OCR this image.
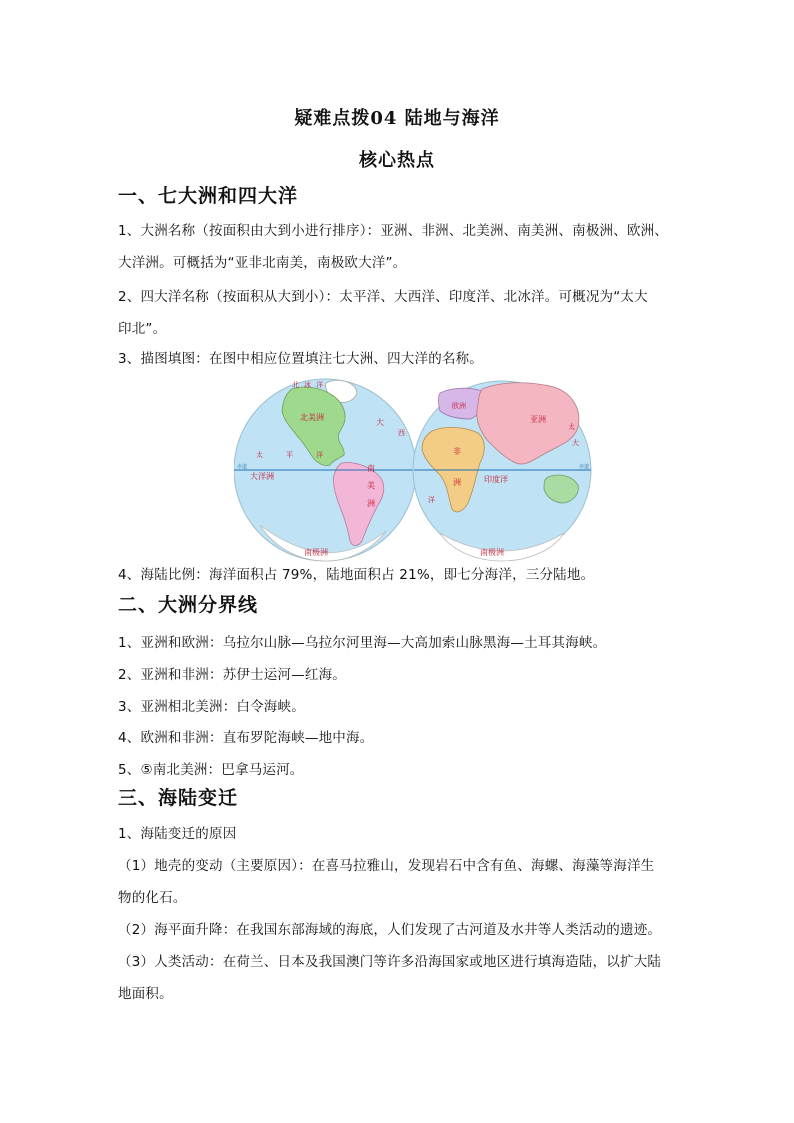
疑难点拨04 陆地与海洋
核心热点
一、七大洲和四大洋
1、大洲名称（按面积由大到小进行排序）：亚洲、非洲、北美洲、南美洲、南极洲、欧洲、
大洋洲。可概括为“亚非北南美，南极欧大洋”。
2、四大洋名称（按面积从大到小）：太平洋、大西洋、印度洋、北冰洋。可概况为“太大
印北”。
3、描图填图：在图中相应位置填注七大洲、四大洋的名称。
北 冰 洋
北美洲
太	平	洋
大
西
赤道
大洋洲
南
美
洲
南极洲
欧洲
亚洲
非
洲	印度洋
洋
太
大
赤道
南极洲
4、海陆比例：海洋面积占 79%，陆地面积占 21%，即七分海洋，三分陆地。
二、大洲分界线
1、亚洲和欧洲：乌拉尔山脉—乌拉尔河里海—大高加索山脉黑海—土耳其海峡。
2、亚洲和非洲：苏伊士运河—红海。
3、亚洲相北美洲：白令海峡。
4、欧洲和非洲：直布罗陀海峡—地中海。
5、⑤南北美洲：巴拿马运河。
三、海陆变迁
1、海陆变迁的原因
（1）地壳的变动（主要原因）：在喜马拉雅山，发现岩石中含有鱼、海螺、海藻等海洋生
物的化石。
（2）海平面升降：在我国东部海域的海底，人们发现了古河道及水井等人类活动的遗迹。
（3）人类活动：在荷兰、日本及我国澳门等许多沿海国家或地区进行填海造陆，以扩大陆
地面积。
